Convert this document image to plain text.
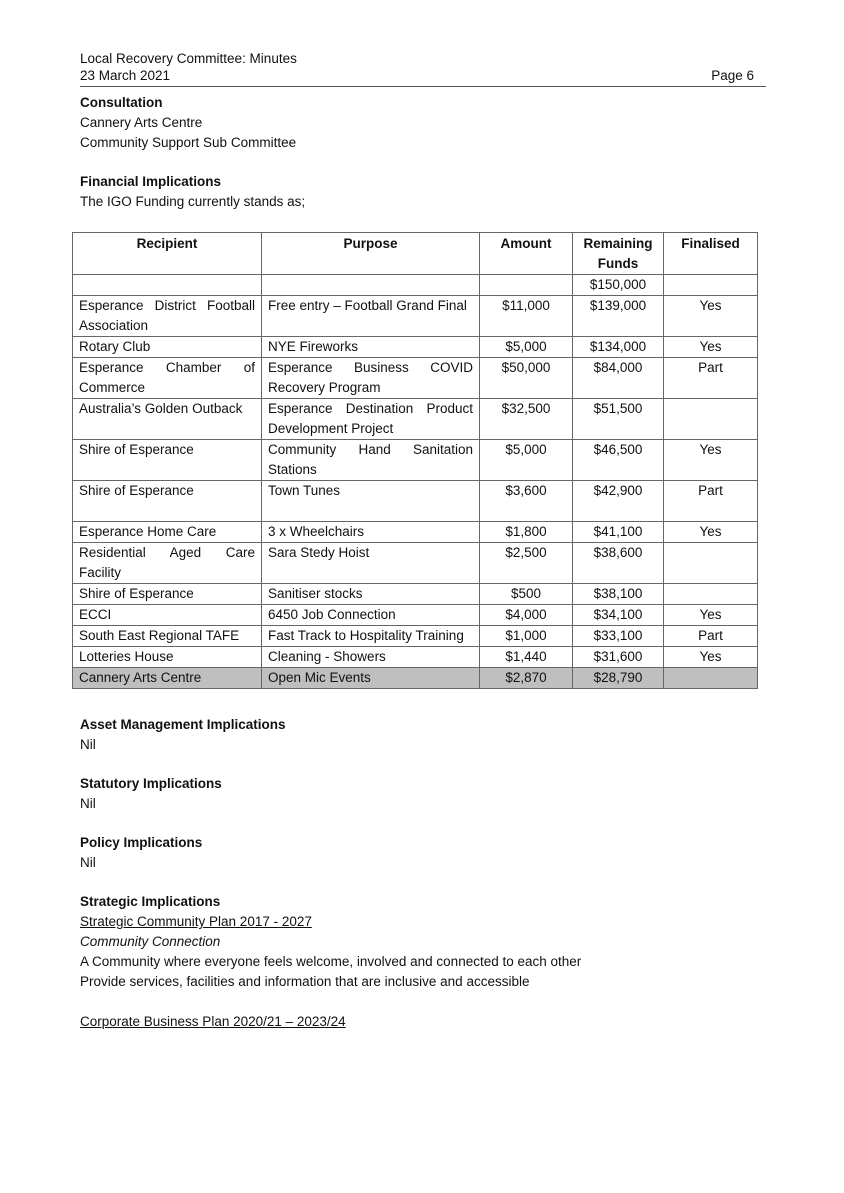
Local Recovery Committee: Minutes
23 March 2021	Page 6
Consultation
Cannery Arts Centre
Community Support Sub Committee
Financial Implications
The IGO Funding currently stands as;
Recipient	Purpose	Amount	Remaining Funds	Finalised
			$150,000	
Esperance District Football Association	Free entry – Football Grand Final	$11,000	$139,000	Yes
Rotary Club	NYE Fireworks	$5,000	$134,000	Yes
Esperance Chamber of Commerce	Esperance Business COVID Recovery Program	$50,000	$84,000	Part
Australia’s Golden Outback	Esperance Destination Product Development Project	$32,500	$51,500	
Shire of Esperance	Community Hand Sanitation Stations	$5,000	$46,500	Yes
Shire of Esperance	Town Tunes	$3,600	$42,900	Part
Esperance Home Care	3 x Wheelchairs	$1,800	$41,100	Yes
Residential Aged Care Facility	Sara Stedy Hoist	$2,500	$38,600	
Shire of Esperance	Sanitiser stocks	$500	$38,100	
ECCI	6450 Job Connection	$4,000	$34,100	Yes
South East Regional TAFE	Fast Track to Hospitality Training	$1,000	$33,100	Part
Lotteries House	Cleaning - Showers	$1,440	$31,600	Yes
Cannery Arts Centre	Open Mic Events	$2,870	$28,790	
Asset Management Implications
Nil
Statutory Implications
Nil
Policy Implications
Nil
Strategic Implications
Strategic Community Plan 2017 - 2027
Community Connection
A Community where everyone feels welcome, involved and connected to each other
Provide services, facilities and information that are inclusive and accessible
Corporate Business Plan 2020/21 – 2023/24
